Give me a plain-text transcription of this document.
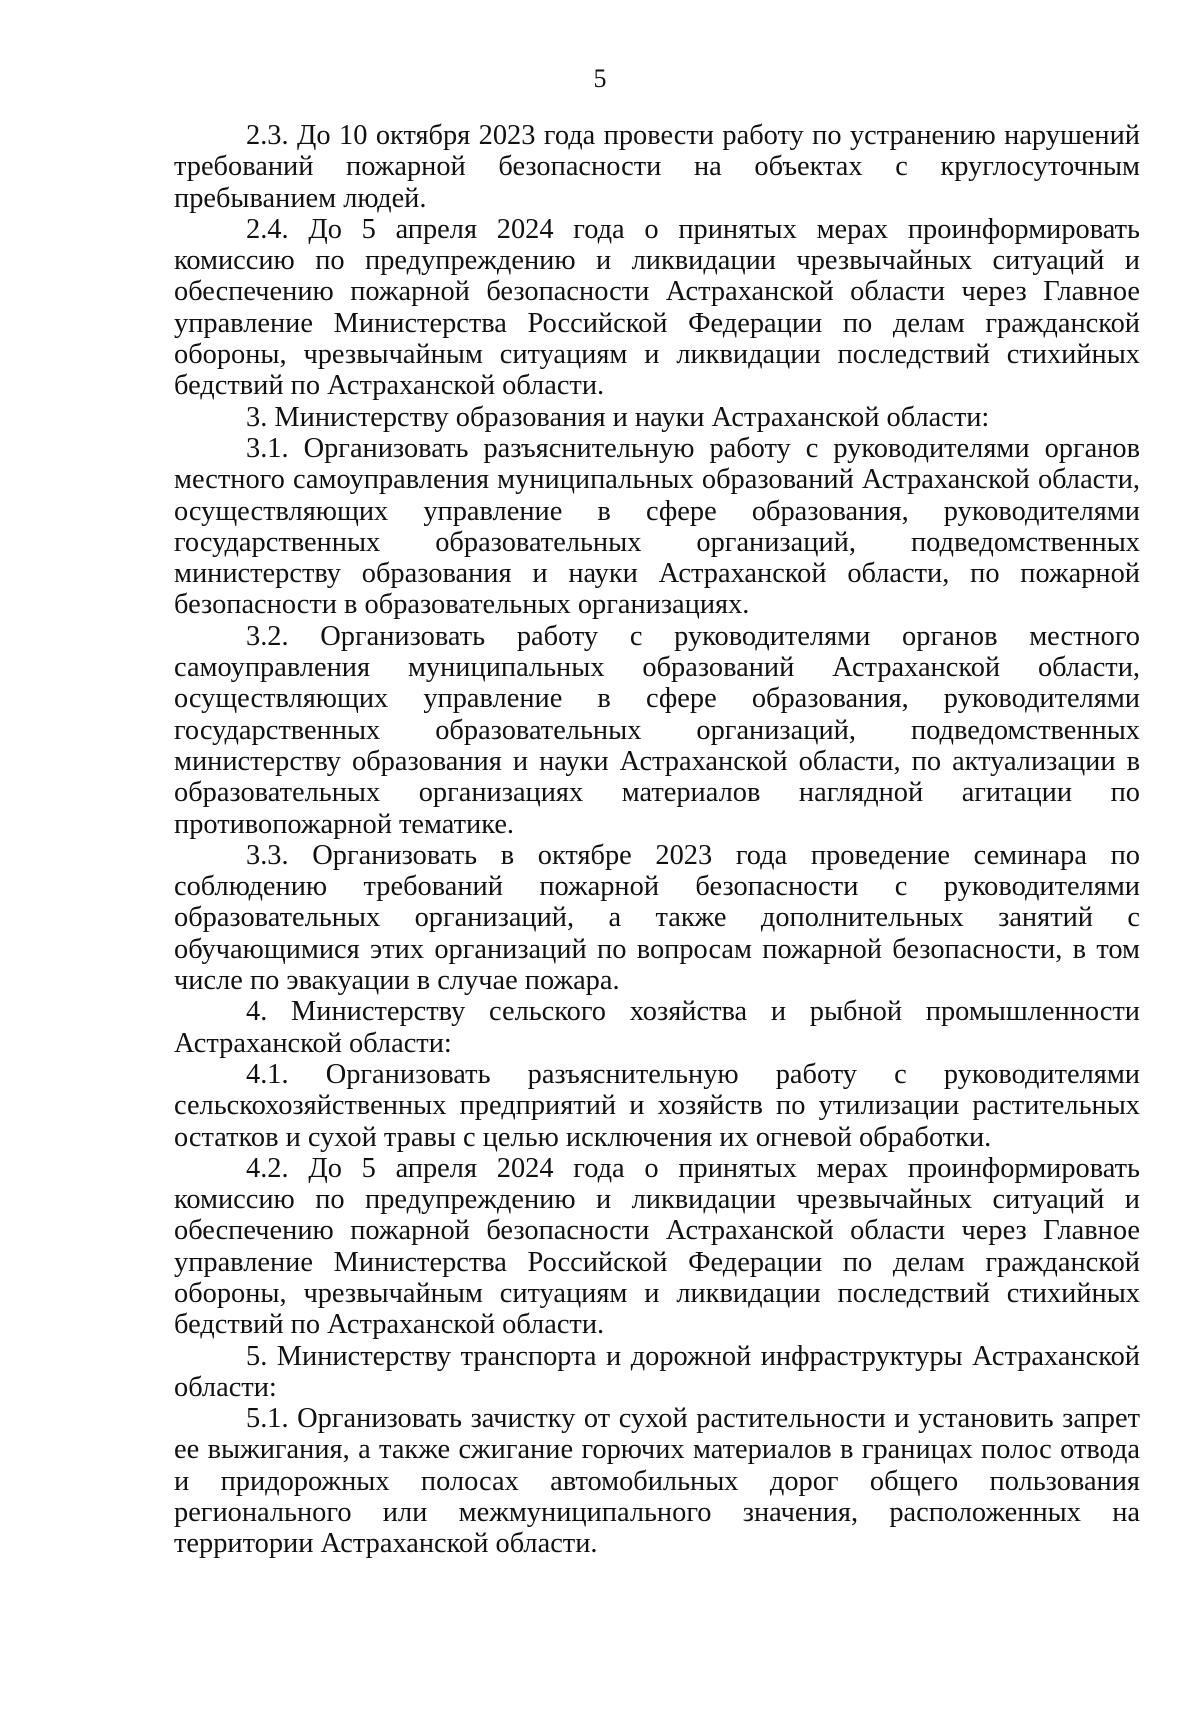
5

2.3. До 10 октября 2023 года провести работу по устранению нарушений требований пожарной безопасности на объектах с круглосуточным пребыванием людей.

2.4. До 5 апреля 2024 года о принятых мерах проинформировать комиссию по предупреждению и ликвидации чрезвычайных ситуаций и обеспечению пожарной безопасности Астраханской области через Главное управление Министерства Российской Федерации по делам гражданской обороны, чрезвычайным ситуациям и ликвидации последствий стихийных бедствий по Астраханской области.

3. Министерству образования и науки Астраханской области:

3.1. Организовать разъяснительную работу с руководителями органов местного самоуправления муниципальных образований Астраханской области, осуществляющих управление в сфере образования, руководителями государственных образовательных организаций, подведомственных министерству образования и науки Астраханской области, по пожарной безопасности в образовательных организациях.

3.2. Организовать работу с руководителями органов местного самоуправления муниципальных образований Астраханской области, осуществляющих управление в сфере образования, руководителями государственных образовательных организаций, подведомственных министерству образования и науки Астраханской области, по актуализации в образовательных организациях материалов наглядной агитации по противопожарной тематике.

3.3. Организовать в октябре 2023 года проведение семинара по соблюдению требований пожарной безопасности с руководителями образовательных организаций, а также дополнительных занятий с обучающимися этих организаций по вопросам пожарной безопасности, в том числе по эвакуации в случае пожара.

4. Министерству сельского хозяйства и рыбной промышленности Астраханской области:

4.1. Организовать разъяснительную работу с руководителями сельскохозяйственных предприятий и хозяйств по утилизации растительных остатков и сухой травы с целью исключения их огневой обработки.

4.2. До 5 апреля 2024 года о принятых мерах проинформировать комиссию по предупреждению и ликвидации чрезвычайных ситуаций и обеспечению пожарной безопасности Астраханской области через Главное управление Министерства Российской Федерации по делам гражданской обороны, чрезвычайным ситуациям и ликвидации последствий стихийных бедствий по Астраханской области.

5. Министерству транспорта и дорожной инфраструктуры Астраханской области:

5.1. Организовать зачистку от сухой растительности и установить запрет ее выжигания, а также сжигание горючих материалов в границах полос отвода и придорожных полосах автомобильных дорог общего пользования регионального или межмуниципального значения, расположенных на территории Астраханской области.
